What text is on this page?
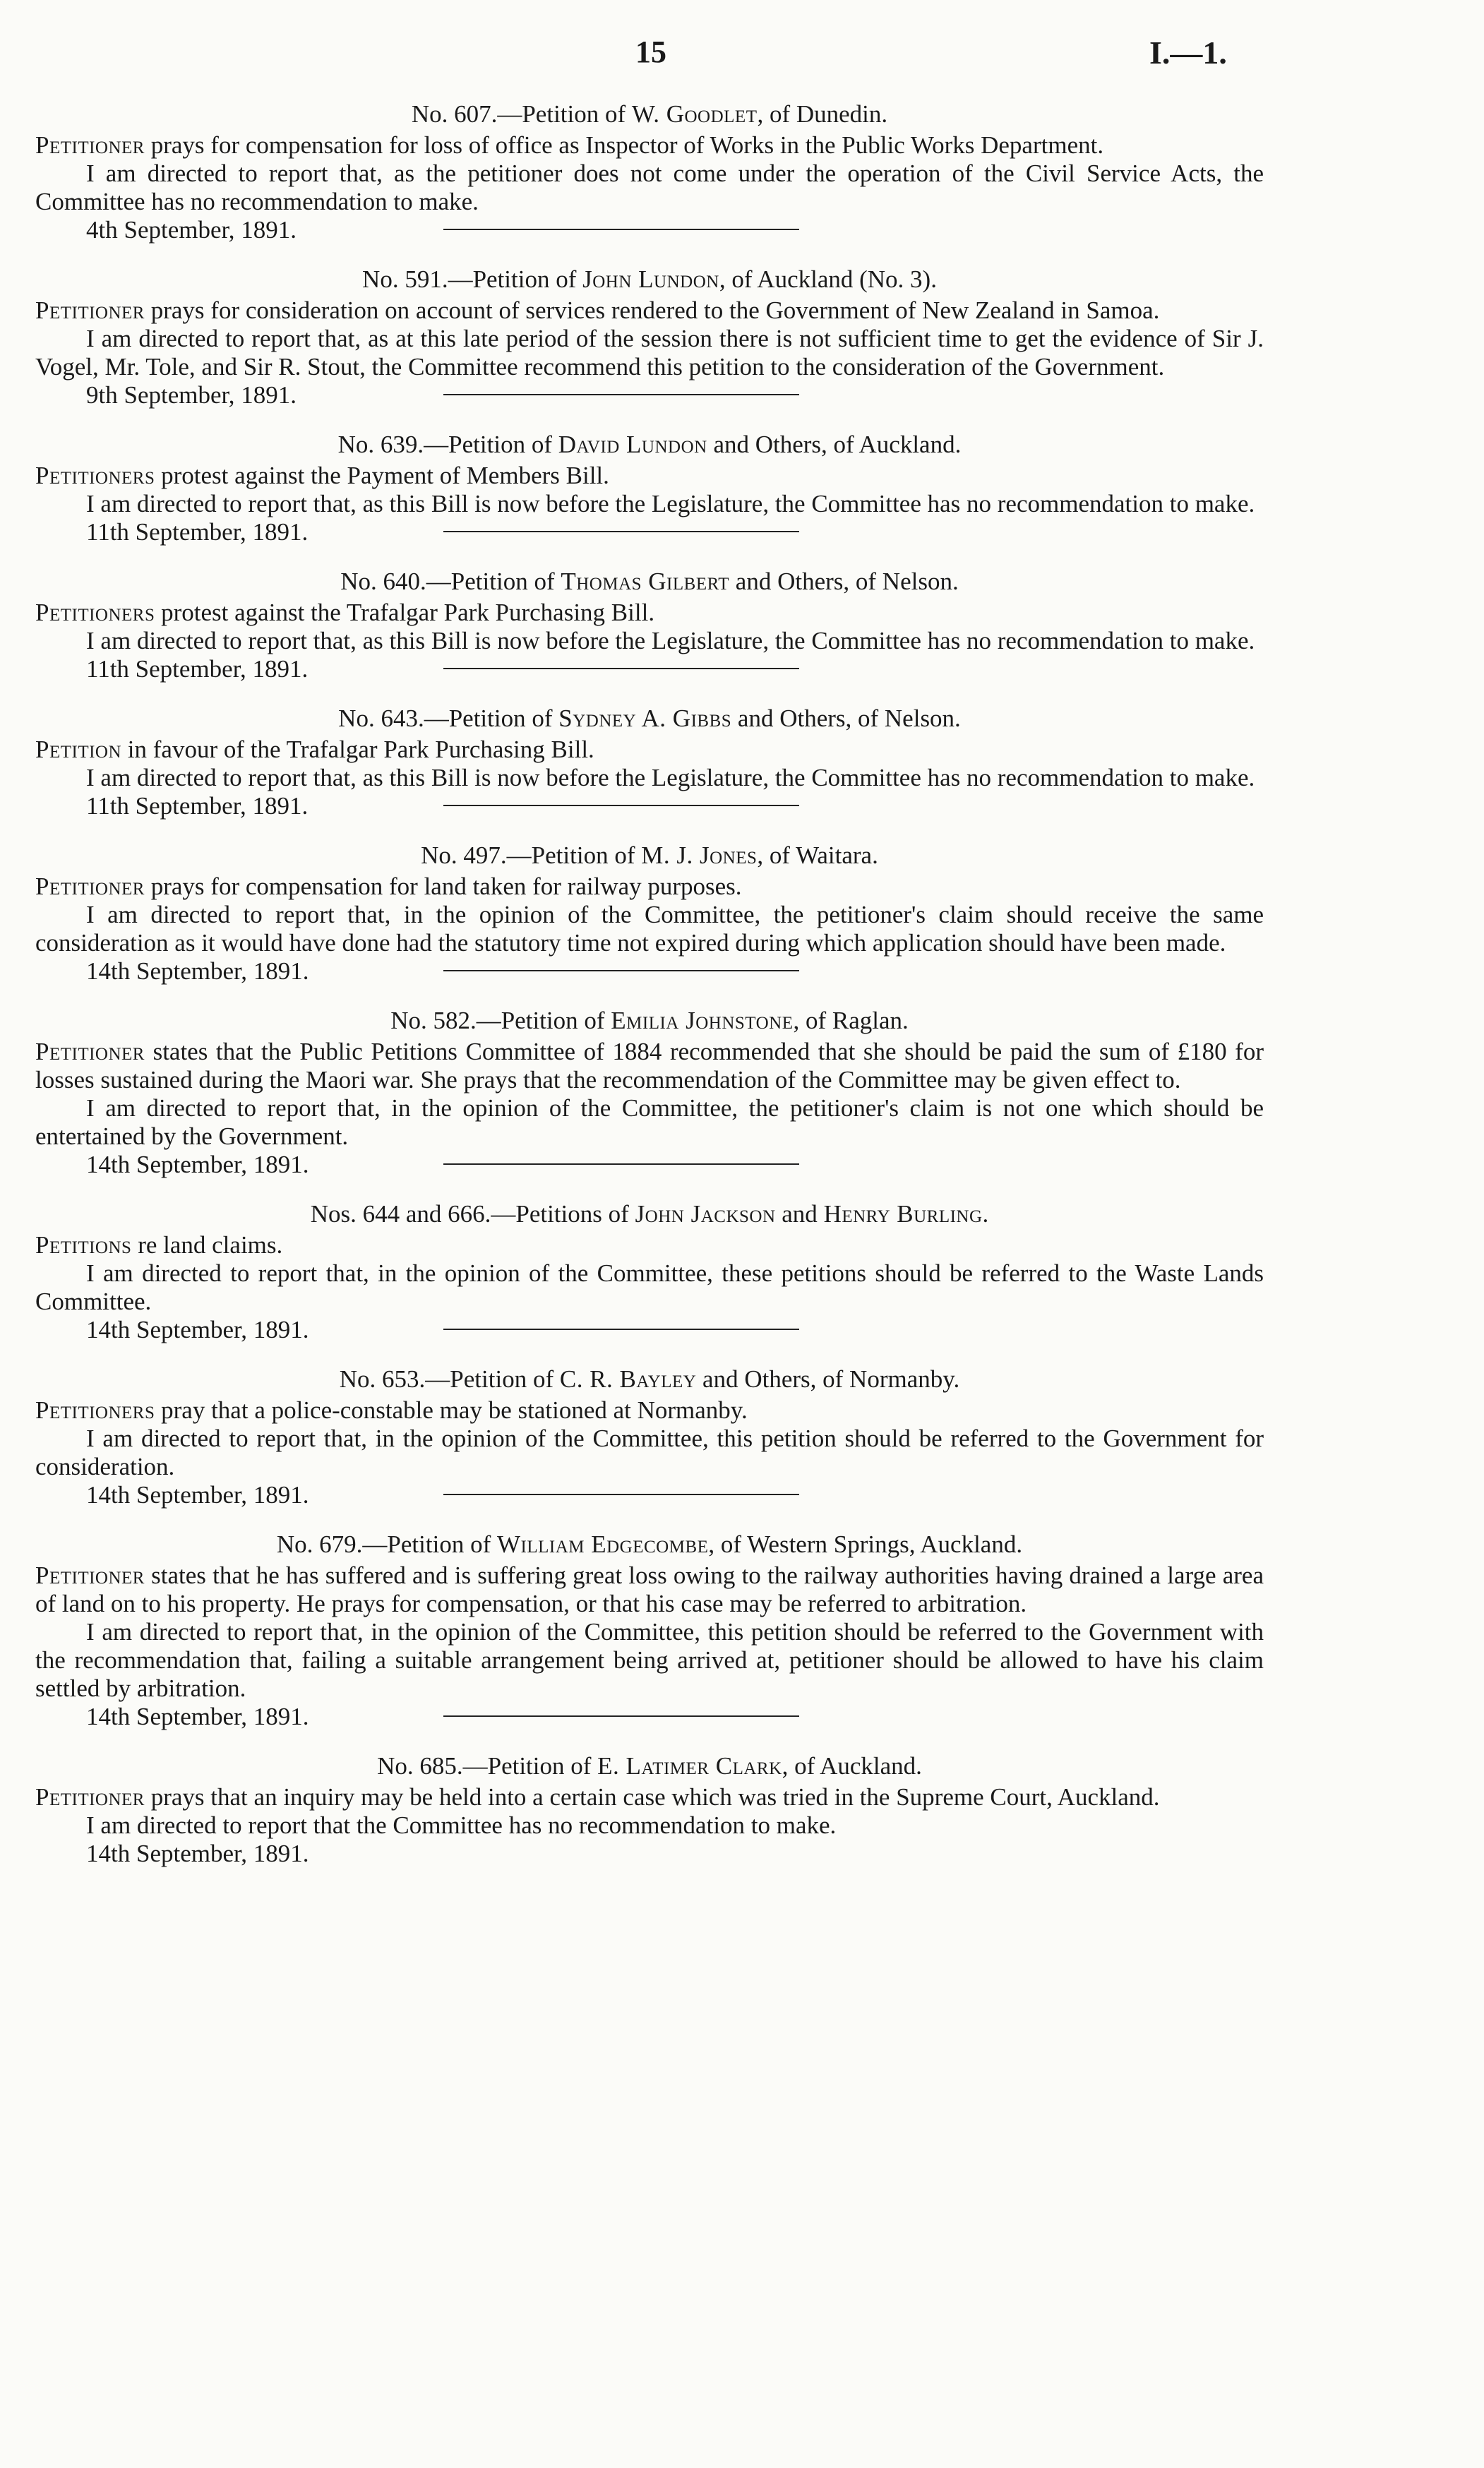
15	I.—1.
No. 607.—Petition of W. Goodlet, of Dunedin.

Petitioner prays for compensation for loss of office as Inspector of Works in the Public Works Department.

I am directed to report that, as the petitioner does not come under the operation of the Civil Service Acts, the Committee has no recommendation to make.

4th September, 1891.

No. 591.—Petition of John Lundon, of Auckland (No. 3).

Petitioner prays for consideration on account of services rendered to the Government of New Zealand in Samoa.

I am directed to report that, as at this late period of the session there is not sufficient time to get the evidence of Sir J. Vogel, Mr. Tole, and Sir R. Stout, the Committee recommend this petition to the consideration of the Government.

9th September, 1891.

No. 639.—Petition of David Lundon and Others, of Auckland.

Petitioners protest against the Payment of Members Bill.

I am directed to report that, as this Bill is now before the Legislature, the Committee has no recommendation to make.

11th September, 1891.

No. 640.—Petition of Thomas Gilbert and Others, of Nelson.

Petitioners protest against the Trafalgar Park Purchasing Bill.

I am directed to report that, as this Bill is now before the Legislature, the Committee has no recommendation to make.

11th September, 1891.

No. 643.—Petition of Sydney A. Gibbs and Others, of Nelson.

Petition in favour of the Trafalgar Park Purchasing Bill.

I am directed to report that, as this Bill is now before the Legislature, the Committee has no recommendation to make.

11th September, 1891.

No. 497.—Petition of M. J. Jones, of Waitara.

Petitioner prays for compensation for land taken for railway purposes.

I am directed to report that, in the opinion of the Committee, the petitioner's claim should receive the same consideration as it would have done had the statutory time not expired during which application should have been made.

14th September, 1891.

No. 582.—Petition of Emilia Johnstone, of Raglan.

Petitioner states that the Public Petitions Committee of 1884 recommended that she should be paid the sum of £180 for losses sustained during the Maori war. She prays that the recommendation of the Committee may be given effect to.

I am directed to report that, in the opinion of the Committee, the petitioner's claim is not one which should be entertained by the Government.

14th September, 1891.

Nos. 644 and 666.—Petitions of John Jackson and Henry Burling.

Petitions re land claims.

I am directed to report that, in the opinion of the Committee, these petitions should be referred to the Waste Lands Committee.

14th September, 1891.

No. 653.—Petition of C. R. Bayley and Others, of Normanby.

Petitioners pray that a police-constable may be stationed at Normanby.

I am directed to report that, in the opinion of the Committee, this petition should be referred to the Government for consideration.

14th September, 1891.

No. 679.—Petition of William Edgecombe, of Western Springs, Auckland.

Petitioner states that he has suffered and is suffering great loss owing to the railway authorities having drained a large area of land on to his property. He prays for compensation, or that his case may be referred to arbitration.

I am directed to report that, in the opinion of the Committee, this petition should be referred to the Government with the recommendation that, failing a suitable arrangement being arrived at, petitioner should be allowed to have his claim settled by arbitration.

14th September, 1891.

No. 685.—Petition of E. Latimer Clark, of Auckland.

Petitioner prays that an inquiry may be held into a certain case which was tried in the Supreme Court, Auckland.

I am directed to report that the Committee has no recommendation to make.

14th September, 1891.
